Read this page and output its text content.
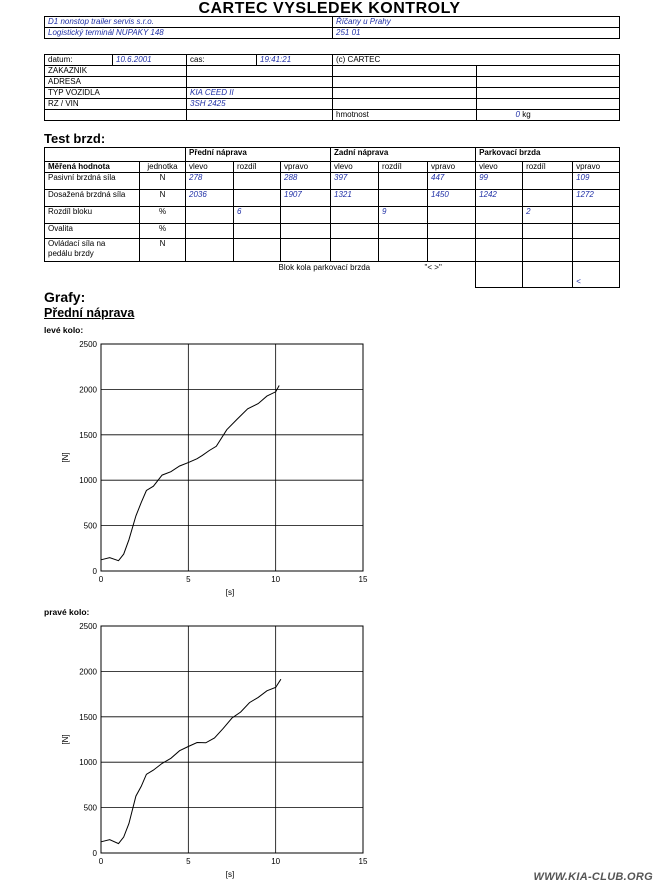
CARTEC VYSLEDEK KONTROLY
D1 nonstop trailer servis s.r.o.	Říčany u Prahy
Logistický terminál NUPAKY 148	251 01
datum:	10.6.2001	cas:	19:41:21	(c) CARTEC	
ZAKAZNIK					
ADRESA					
TYP VOZIDLA		KIA CEED II			
RZ / VIN		3SH 2425			
				hmotnost	0 kg
Test brzd:
		Přední náprava			Zadní náprava			Parkovací brzda		
Měřená hodnota	jednotka	vlevo	rozdíl	vpravo	vlevo	rozdíl	vpravo	vlevo	rozdíl	vpravo
Pasivní brzdná síla	N	278		288	397		447	99		109
Dosažená brzdná síla	N	2036		1907	1321		1450	1242		1272
Rozdíl bloku	%		6			9			2	
Ovalita	%									
Ovládací síla na
pedálu brzdy	N									

					Blok kola parkovací brzda "< >"					<
Grafy:
Přední náprava
levé kolo:
pravé kolo:
0	5	10	15
0
500
1000
1500
2000
2500
[s]
[N]
0	5	10	15
0
500
1000
1500
2000
2500
[s]
[N]
WWW.KIA-CLUB.ORG
